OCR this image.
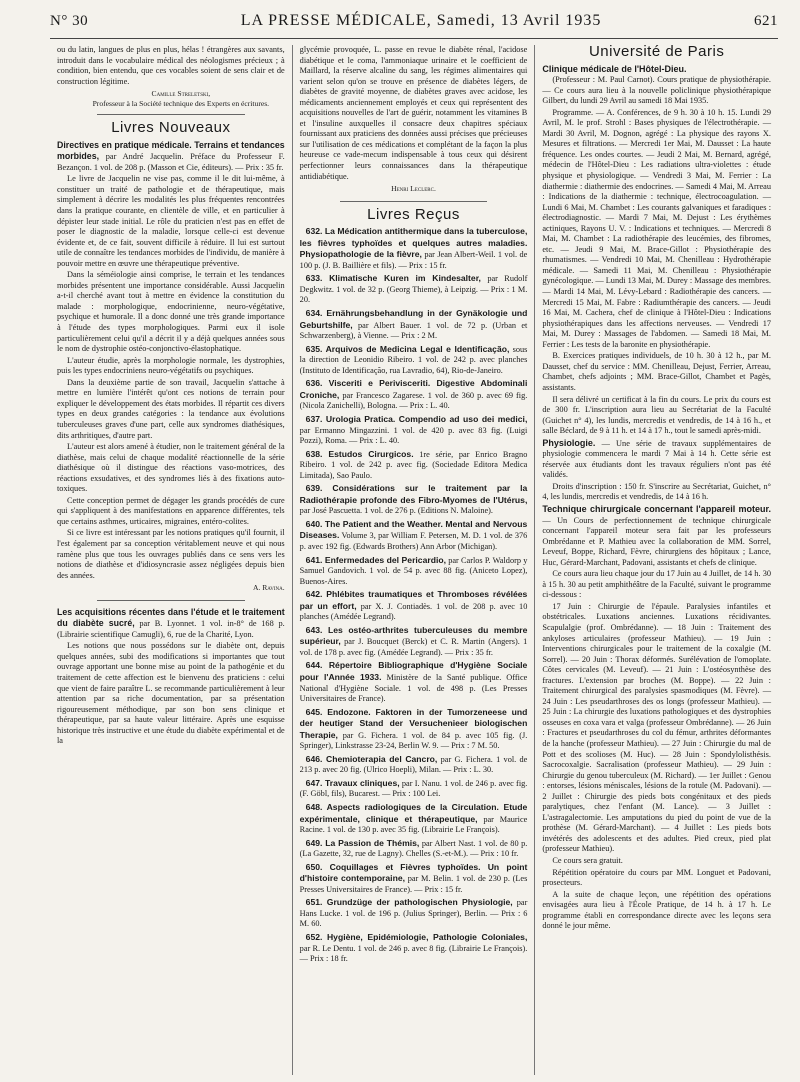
N° 30	LA PRESSE MÉDICALE, Samedi, 13 Avril 1935	621

ou du latin, langues de plus en plus, hélas ! étrangères aux savants, introduit dans le vocabulaire médical des néologismes précieux ; à condition, bien entendu, que ces vocables soient de sens clair et de construction légitime.

Camille Streletski,
Professeur à la Société technique des Experts en écritures.
Livres Nouveaux

Directives en pratique médicale. Terrains et tendances morbides, par André Jacquelin. Préface du Professeur F. Bezançon. 1 vol. de 208 p. (Masson et Cie, éditeurs). — Prix : 35 fr.

Le livre de Jacquelin ne vise pas, comme il le dit lui-même, à constituer un traité de pathologie et de thérapeutique, mais simplement à décrire les modalités les plus fréquentes rencontrées dans la pratique courante, en clientèle de ville, et en particulier à dépister leur stade initial. Le rôle du praticien n'est pas en effet de poser le diagnostic de la maladie, lorsque celle-ci est devenue évidente et, de ce fait, souvent difficile à réduire. Il lui est surtout utile de connaître les tendances morbides de l'individu, de manière à pouvoir mettre en œuvre une thérapeutique préventive.

Dans la séméiologie ainsi comprise, le terrain et les tendances morbides présentent une importance considérable. Aussi Jacquelin a-t-il cherché avant tout à mettre en évidence la constitution du malade : morphologique, endocrinienne, neuro-végétative, psychique et humorale. Il a donc donné une très grande importance à l'étude des types morphologiques. Parmi eux il isole particulièrement celui qu'il a décrit il y a déjà quelques années sous le nom de dystrophie ostéo-conjonctivo-élastophatique.

L'auteur étudie, après la morphologie normale, les dystrophies, puis les types endocriniens neuro-végétatifs ou psychiques.

Dans la deuxième partie de son travail, Jacquelin s'attache à mettre en lumière l'intérêt qu'ont ces notions de terrain pour expliquer le développement des états morbides. Il répartit ces divers types en deux grandes catégories : la tendance aux évolutions tuberculeuses graves d'une part, celle aux syndromes diathésiques, dits arthritiques, d'autre part.

L'auteur est alors amené à étudier, non le traitement général de la diathèse, mais celui de chaque modalité réactionnelle de la série diathésique où il distingue des réactions vaso-motrices, des réactions exsudatives, et des syndromes liés à des fixations auto-toxiques.

Cette conception permet de dégager les grands procédés de cure qui s'appliquent à des manifestations en apparence différentes, tels que certains asthmes, urticaires, migraines, entéro-colites.

Si ce livre est intéressant par les notions pratiques qu'il fournit, il l'est également par sa conception véritablement neuve et qui nous ramène plus que tous les ouvrages publiés dans ce sens vers les notions de diathèse et d'idiosyncrasie assez négligées depuis bien des années.

A. Ravina.

Les acquisitions récentes dans l'étude et le traitement du diabète sucré, par B. Lyonnet. 1 vol. in-8° de 168 p. (Librairie scientifique Camugli), 6, rue de la Charité, Lyon.

Les notions que nous possédons sur le diabète ont, depuis quelques années, subi des modifications si importantes que tout ouvrage apportant une bonne mise au point de la pathogénie et du traitement de cette affection est le bienvenu des praticiens : celui que vient de faire paraître L. se recommande particulièrement à leur attention par sa riche documentation, par sa présentation rigoureusement méthodique, par son bon sens clinique et thérapeutique, par sa haute valeur littéraire. Après une esquisse historique très instructive et une étude du diabète expérimental et de la

glycémie provoquée, L. passe en revue le diabète rénal, l'acidose diabétique et le coma, l'ammoniaque urinaire et le coefficient de Maillard, la réserve alcaline du sang, les régimes alimentaires qui varient selon qu'on se trouve en présence de diabètes légers, de diabètes de gravité moyenne, de diabètes graves avec acidose, les médicaments anciennement employés et ceux qui représentent des acquisitions nouvelles de l'art de guérir, notamment les vitamines B et l'insuline auxquelles il consacre deux chapitres spéciaux fournissant aux praticiens des données aussi précises que précieuses sur l'utilisation de ces médications et complétant de la façon la plus heureuse ce vade-mecum indispensable à tous ceux qui désirent perfectionner leurs connaissances dans la thérapeutique antidiabétique.

Henri Leclerc.
Livres Reçus

632. La Médication antithermique dans la tuberculose, les fièvres typhoïdes et quelques autres maladies. Physiopathologie de la fièvre, par Jean Albert-Weil. 1 vol. de 100 p. (J. B. Baillière et fils). — Prix : 15 fr.

633. Klimatische Kuren im Kindesalter, par Rudolf Degkwitz. 1 vol. de 32 p. (Georg Thieme), à Leipzig. — Prix : 1 M. 20.

634. Ernährungsbehandlung in der Gynäkologie und Geburtshilfe, par Albert Bauer. 1 vol. de 72 p. (Urban et Schwarzenberg), à Vienne. — Prix : 2 M.

635. Arquivos de Medicina Legal e Identificação, sous la direction de Leonidio Ribeiro. 1 vol. de 242 p. avec planches (Instituto de Identificação, rua Lavradio, 64), Rio-de-Janeiro.

636. Visceriti e Perivisceriti. Digestive Abdominali Croniche, par Francesco Zagarese. 1 vol. de 360 p. avec 69 fig. (Nicola Zanichelli), Bologna. — Prix : L. 40.

637. Urologia Pratica. Compendio ad uso dei medici, par Ermanno Mingazzini. 1 vol. de 420 p. avec 83 fig. (Luigi Pozzi), Roma. — Prix : L. 40.

638. Estudos Cirurgicos. 1re série, par Enrico Bragno Ribeiro. 1 vol. de 242 p. avec fig. (Sociedade Editora Medica Limitada), Sao Paulo.

639. Considérations sur le traitement par la Radiothérapie profonde des Fibro-Myomes de l'Utérus, par José Pascuetta. 1 vol. de 276 p. (Editions N. Maloine).

640. The Patient and the Weather. Mental and Nervous Diseases. Volume 3, par William F. Petersen, M. D. 1 vol. de 376 p. avec 192 fig. (Edwards Brothers) Ann Arbor (Michigan).

641. Enfermedades del Pericardio, par Carlos P. Waldorp y Samuel Gandovich. 1 vol. de 54 p. avec 88 fig. (Aniceto Lopez), Buenos-Aires.

642. Phlébites traumatiques et Thromboses révélées par un effort, par X. J. Contiadès. 1 vol. de 208 p. avec 10 planches (Amédée Legrand).

643. Les ostéo-arthrites tuberculeuses du membre supérieur, par J. Boucquet (Berck) et C. R. Martin (Angers). 1 vol. de 178 p. avec fig. (Amédée Legrand). — Prix : 35 fr.

644. Répertoire Bibliographique d'Hygiène Sociale pour l'Année 1933. Ministère de la Santé publique. Office National d'Hygiène Sociale. 1 vol. de 498 p. (Les Presses Universitaires de France).

645. Endozone. Faktoren in der Tumorzeneese und der heutiger Stand der Versuchenieer biologischen Therapie, par G. Fichera. 1 vol. de 84 p. avec 105 fig. (J. Springer), Linkstrasse 23-24, Berlin W. 9. — Prix : 7 M. 50.

646. Chemioterapia del Cancro, par G. Fichera. 1 vol. de 213 p. avec 20 fig. (Ulrico Hoepli), Milan. — Prix : L. 30.

647. Travaux cliniques, par I. Nanu. 1 vol. de 246 p. avec fig. (F. Göbl, fils), Bucarest. — Prix : 100 Lei.

648. Aspects radiologiques de la Circulation. Etude expérimentale, clinique et thérapeutique, par Maurice Racine. 1 vol. de 130 p. avec 35 fig. (Librairie Le François).

649. La Passion de Thémis, par Albert Nast. 1 vol. de 80 p. (La Gazette, 32, rue de Lagny). Chelles (S.-et-M.). — Prix : 10 fr.

650. Coquillages et Fièvres typhoïdes. Un point d'histoire contemporaine, par M. Belin. 1 vol. de 230 p. (Les Presses Universitaires de France). — Prix : 15 fr.

651. Grundzüge der pathologischen Physiologie, par Hans Lucke. 1 vol. de 196 p. (Julius Springer), Berlin. — Prix : 6 M. 60.

652. Hygiène, Epidémiologie, Pathologie Coloniales, par R. Le Dentu. 1 vol. de 246 p. avec 8 fig. (Librairie Le François). — Prix : 18 fr.

Université de Paris
Clinique médicale de l'Hôtel-Dieu.

(Professeur : M. Paul Carnot). Cours pratique de physiothérapie. — Ce cours aura lieu à la nouvelle policlinique physiothérapique Gilbert, du lundi 29 Avril au samedi 18 Mai 1935.

Programme. — A. Conférences, de 9 h. 30 à 10 h. 15. Lundi 29 Avril, M. le prof. Strohl : Bases physiques de l'électrothérapie. — Mardi 30 Avril, M. Dognon, agrégé : La physique des rayons X. Mesures et filtrations. — Mercredi 1er Mai, M. Dausset : La haute fréquence. Les ondes courtes. — Jeudi 2 Mai, M. Bernard, agrégé, médecin de l'Hôtel-Dieu : Les radiations ultra-violettes : étude physique et physiologique. — Vendredi 3 Mai, M. Ferrier : La diathermie : diathermie des endocrines. — Samedi 4 Mai, M. Arreau : Indications de la diathermie : technique, électrocoagulation. — Lundi 6 Mai, M. Chambet : Les courants galvaniques et faradiques : électrodiagnostic. — Mardi 7 Mai, M. Dejust : Les érythèmes actiniques, Rayons U. V. : Indications et techniques. — Mercredi 8 Mai, M. Chambet : La radiothérapie des leucémies, des fibromes, etc. — Jeudi 9 Mai, M. Brace-Gillot : Physiothérapie des rhumatismes. — Vendredi 10 Mai, M. Chenilleau : Hydrothérapie médicale. — Samedi 11 Mai, M. Chenilleau : Physiothérapie gynécologique. — Lundi 13 Mai, M. Durey : Massage des membres. — Mardi 14 Mai, M. Lévy-Lebard : Radiothérapie des cancers. — Mercredi 15 Mai, M. Fabre : Radiumthérapie des cancers. — Jeudi 16 Mai, M. Cachera, chef de clinique à l'Hôtel-Dieu : Indications physiothérapiques dans les affections nerveuses. — Vendredi 17 Mai, M. Durey : Massages de l'abdomen. — Samedi 18 Mai, M. Ferrier : Les tests de la baronite en physiothérapie.

B. Exercices pratiques individuels, de 10 h. 30 à 12 h., par M. Dausset, chef du service : MM. Chenilleau, Dejust, Ferrier, Arreau, Chambet, chefs adjoints ; MM. Brace-Gillot, Chambet et Pagès, assistants.

Il sera délivré un certificat à la fin du cours. Le prix du cours est de 300 fr. L'inscription aura lieu au Secrétariat de la Faculté (Guichet n° 4), les lundis, mercredis et vendredis, de 14 à 16 h., et salle Béclard, de 9 à 11 h. et 14 à 17 h., tout le samedi après-midi.

Physiologie. — Une série de travaux supplémentaires de physiologie commencera le mardi 7 Mai à 14 h. Cette série est réservée aux étudiants dont les travaux réguliers n'ont pas été validés.

Droits d'inscription : 150 fr. S'inscrire au Secrétariat, Guichet, n° 4, les lundis, mercredis et vendredis, de 14 à 16 h.

Technique chirurgicale concernant l'appareil moteur. — Un Cours de perfectionnement de technique chirurgicale concernant l'appareil moteur sera fait par les professeurs Ombrédanne et P. Mathieu avec la collaboration de MM. Sorrel, Leveuf, Boppe, Richard, Fèvre, chirurgiens des hôpitaux ; Lance, Huc, Gérard-Marchant, Padovani, assistants et chefs de clinique.

Ce cours aura lieu chaque jour du 17 Juin au 4 Juillet, de 14 h. 30 à 15 h. 30 au petit amphithéâtre de la Faculté, suivant le programme ci-dessous :

17 Juin : Chirurgie de l'épaule. Paralysies infantiles et obstétricales. Luxations anciennes. Luxations récidivantes. Scapulalgie (prof. Ombrédanne). — 18 Juin : Traitement des ankyloses articulaires (professeur Mathieu). — 19 Juin : Interventions chirurgicales pour le traitement de la coxalgie (M. Sorrel). — 20 Juin : Thorax déformés. Surélévation de l'omoplate. Côtes cervicales (M. Leveuf). — 21 Juin : L'ostéosynthèse des fractures. L'extension par broches (M. Boppe). — 22 Juin : Traitement chirurgical des paralysies spasmodiques (M. Fèvre). — 24 Juin : Les pseudarthroses des os longs (professeur Mathieu). — 25 Juin : La chirurgie des luxations pathologiques et des dystrophies osseuses en coxa vara et valga (professeur Ombrédanne). — 26 Juin : Fractures et pseudarthroses du col du fémur, arthrites déformantes de la hanche (professeur Mathieu). — 27 Juin : Chirurgie du mal de Pott et des scolioses (M. Huc). — 28 Juin : Spondylolisthésis. Sacrocoxalgie. Sacralisation (professeur Mathieu). — 29 Juin : Chirurgie du genou tuberculeux (M. Richard). — 1er Juillet : Genou : entorses, lésions méniscales, lésions de la rotule (M. Padovani). — 2 Juillet : Chirurgie des pieds bots congénitaux et des pieds paralytiques, chez l'enfant (M. Lance). — 3 Juillet : L'astragalectomie. Les amputations du pied du point de vue de la prothèse (M. Gérard-Marchant). — 4 Juillet : Les pieds bots invétérés des adolescents et des adultes. Pied creux, pied plat (professeur Mathieu).

Ce cours sera gratuit.

Répétition opératoire du cours par MM. Longuet et Padovani, prosecteurs.

A la suite de chaque leçon, une répétition des opérations envisagées aura lieu à l'École Pratique, de 14 h. à 17 h. Le programme établi en correspondance directe avec les leçons sera donné le jour même.
